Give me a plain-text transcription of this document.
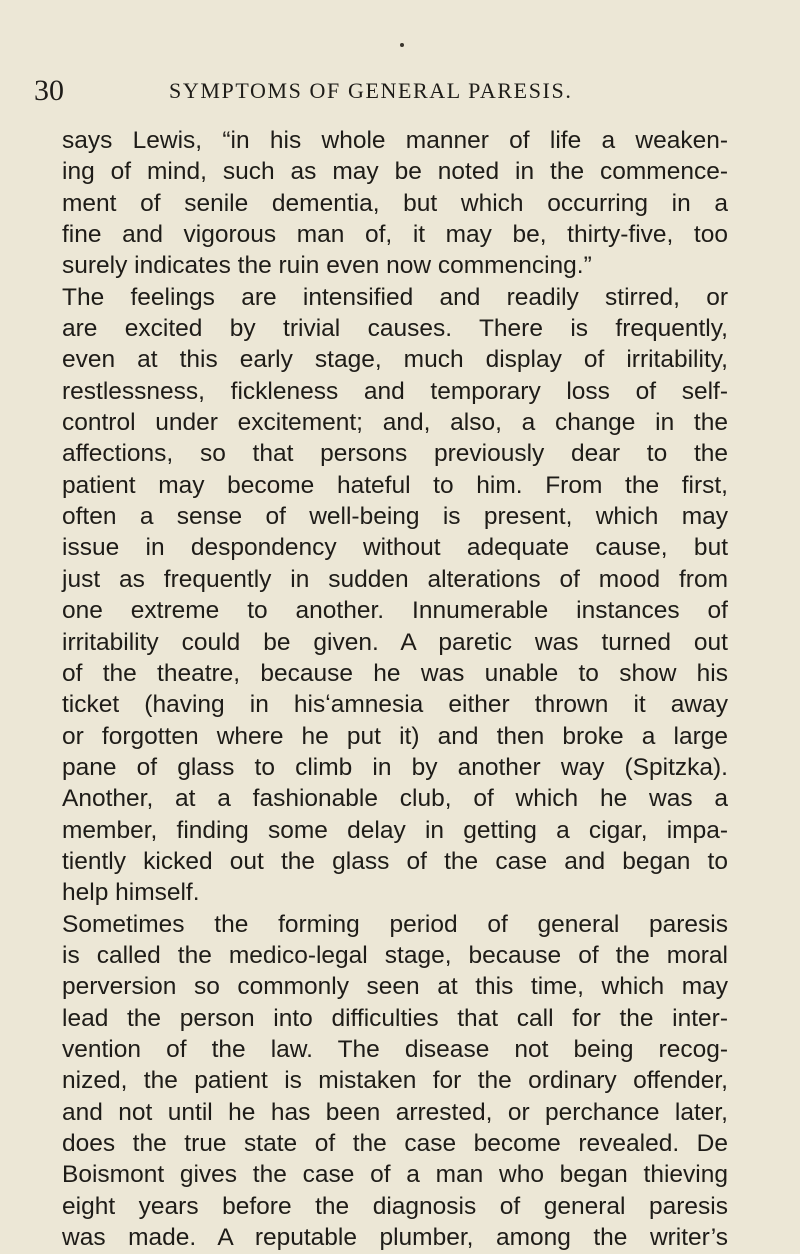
30	SYMPTOMS OF GENERAL PARESIS.
says Lewis, “in his whole manner of life a weaken-
ing of mind, such as may be noted in the commence-
ment of senile dementia, but which occurring in a
fine and vigorous man of, it may be, thirty-five, too
surely indicates the ruin even now commencing.”
The feelings are intensified and readily stirred, or
are excited by trivial causes. There is frequently,
even at this early stage, much display of irritability,
restlessness, fickleness and temporary loss of self-
control under excitement; and, also, a change in the
affections, so that persons previously dear to the
patient may become hateful to him. From the first,
often a sense of well-being is present, which may
issue in despondency without adequate cause, but
just as frequently in sudden alterations of mood from
one extreme to another. Innumerable instances of
irritability could be given. A paretic was turned out
of the theatre, because he was unable to show his
ticket (having in hisʻamnesia either thrown it away
or forgotten where he put it) and then broke a large
pane of glass to climb in by another way (Spitzka).
Another, at a fashionable club, of which he was a
member, finding some delay in getting a cigar, impa-
tiently kicked out the glass of the case and began to
help himself.
Sometimes the forming period of general paresis
is called the medico-legal stage, because of the moral
perversion so commonly seen at this time, which may
lead the person into difficulties that call for the inter-
vention of the law. The disease not being recog-
nized, the patient is mistaken for the ordinary offender,
and not until he has been arrested, or perchance later,
does the true state of the case become revealed. De
Boismont gives the case of a man who began thieving
eight years before the diagnosis of general paresis
was made. A reputable plumber, among the writer’s
